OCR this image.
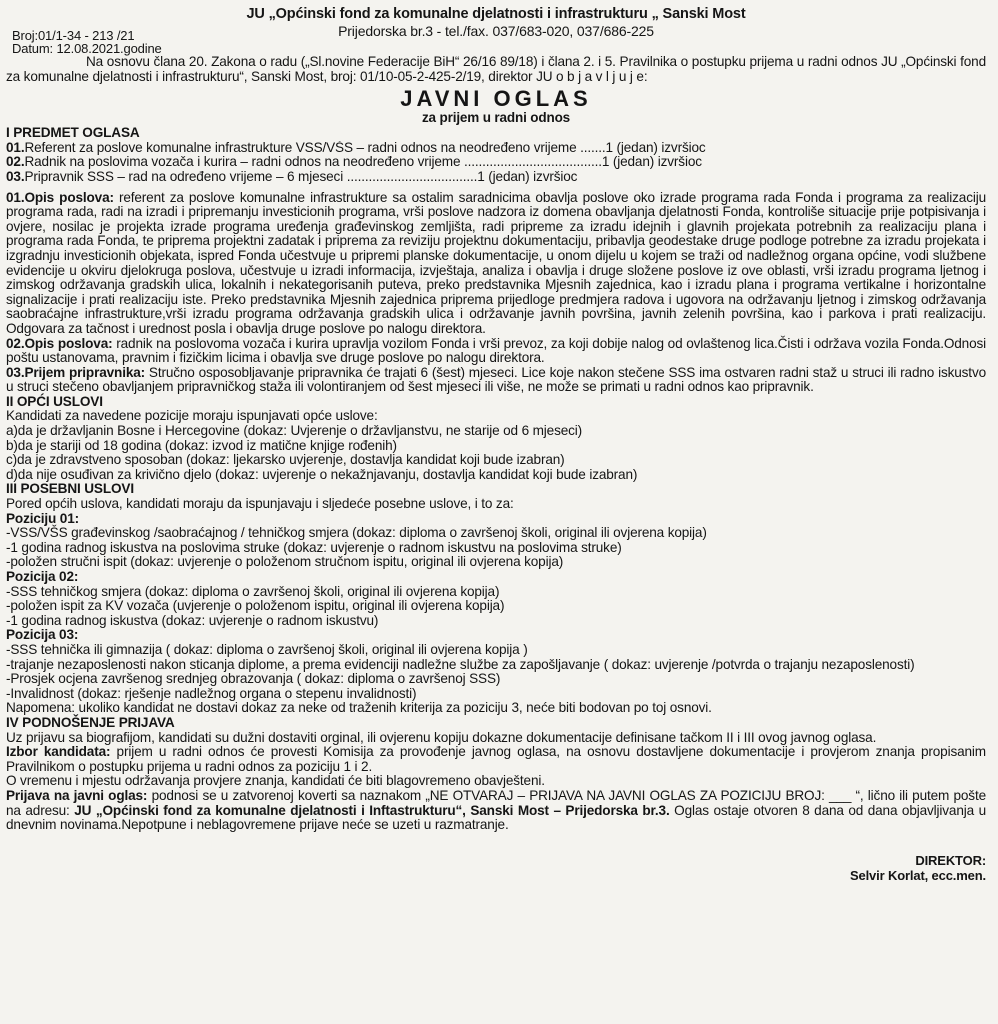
JU „Općinski fond za komunalne djelatnosti i infrastrukturu „ Sanski Most
Prijedorska br.3 - tel./fax. 037/683-020, 037/686-225
Broj:01/1-34 - 213 /21
Datum: 12.08.2021.godine

Na osnovu člana 20. Zakona o radu („Sl.novine Federacije BiH“ 26/16 89/18) i člana 2. i 5. Pravilnika o postupku prijema u radni odnos JU „Općinski fond za komunalne djelatnosti i infrastrukturu“, Sanski Most, broj: 01/10-05-2-425-2/19, direktor JU o b j a v l j u j e:

JAVNI OGLAS
za prijem u radni odnos
I PREDMET OGLASA
01.Referent za poslove komunalne infrastrukture VSS/VŠS – radni odnos na neodređeno vrijeme .......1 (jedan) izvršioc
02.Radnik na poslovima vozača i kurira – radni odnos na neodređeno vrijeme ......................................1 (jedan) izvršioc
03.Pripravnik SSS – rad na određeno vrijeme – 6 mjeseci ....................................1 (jedan) izvršioc

01.Opis poslova: referent za poslove komunalne infrastrukture sa ostalim saradnicima obavlja poslove oko izrade programa rada Fonda i programa za realizaciju programa rada, radi na izradi i pripremanju investicionih programa, vrši poslove nadzora iz domena obavljanja djelatnosti Fonda, kontroliše situacije prije potpisivanja i ovjere, nosilac je projekta izrade programa uređenja građevinskog zemljišta, radi pripreme za izradu idejnih i glavnih projekata potrebnih za realizaciju plana i programa rada Fonda, te priprema projektni zadatak i priprema za reviziju projektnu dokumentaciju, pribavlja geodestake druge podloge potrebne za izradu projekata i izgradnju investicionih objekata, ispred Fonda učestvuje u pripremi planske dokumentacije, u onom dijelu u kojem se traži od nadležnog organa općine, vodi službene evidencije u okviru djelokruga poslova, učestvuje u izradi informacija, izvještaja, analiza i obavlja i druge složene poslove iz ove oblasti, vrši izradu programa ljetnog i zimskog održavanja gradskih ulica, lokalnih i nekategorisanih puteva, preko predstavnika Mjesnih zajednica, kao i izradu plana i programa vertikalne i horizontalne signalizacije i prati realizaciju iste. Preko predstavnika Mjesnih zajednica priprema prijedloge predmjera radova i ugovora na održavanju ljetnog i zimskog održavanja saobraćajne infrastrukture,vrši izradu programa održavanja gradskih ulica i održavanje javnih površina, javnih zelenih površina, kao i parkova i prati realizaciju. Odgovara za tačnost i urednost posla i obavlja druge poslove po nalogu direktora.

02.Opis poslova: radnik na poslovoma vozača i kurira upravlja vozilom Fonda i vrši prevoz, za koji dobije nalog od ovlaštenog lica.Čisti i održava vozila Fonda.Odnosi poštu ustanovama, pravnim i fizičkim licima i obavlja sve druge poslove po nalogu direktora.

03.Prijem pripravnika: Stručno osposobljavanje pripravnika će trajati 6 (šest) mjeseci. Lice koje nakon stečene SSS ima ostvaren radni staž u struci ili radno iskustvo u struci stečeno obavljanjem pripravničkog staža ili volontiranjem od šest mjeseci ili više, ne može se primati u radni odnos kao pripravnik.

II OPĆI USLOVI
Kandidati za navedene pozicije moraju ispunjavati opće uslove:
a)da je državljanin Bosne i Hercegovine (dokaz: Uvjerenje o državljanstvu, ne starije od 6 mjeseci)
b)da je stariji od 18 godina (dokaz: izvod iz matične knjige rođenih)
c)da je zdravstveno sposoban (dokaz: ljekarsko uvjerenje, dostavlja kandidat koji bude izabran)
d)da nije osuđivan za krivično djelo (dokaz: uvjerenje o nekažnjavanju, dostavlja kandidat koji bude izabran)
III POSEBNI USLOVI
Pored općih uslova, kandidati moraju da ispunjavaju i sljedeće posebne uslove, i to za:
Poziciju 01:
-VSS/VŠS građevinskog /saobraćajnog / tehničkog smjera (dokaz: diploma o završenoj školi, original ili ovjerena kopija)
-1 godina radnog iskustva na poslovima struke (dokaz: uvjerenje o radnom iskustvu na poslovima struke)
-položen stručni ispit (dokaz: uvjerenje o položenom stručnom ispitu, original ili ovjerena kopija)
Pozicija 02:
-SSS tehničkog smjera (dokaz: diploma o završenoj školi, original ili ovjerena kopija)
-položen ispit za KV vozača (uvjerenje o položenom ispitu, original ili ovjerena kopija)
-1 godina radnog iskustva (dokaz: uvjerenje o radnom iskustvu)
Pozicija 03:
-SSS tehnička ili gimnazija ( dokaz: diploma o završenoj školi, original ili ovjerena kopija )

-trajanje nezaposlenosti nakon sticanja diplome, a prema evidenciji nadležne službe za zapošljavanje ( dokaz: uvjerenje /potvrda o trajanju nezaposlenosti)

-Prosjek ocjena završenog srednjeg obrazovanja ( dokaz: diploma o završenoj SSS)
-Invalidnost (dokaz: rješenje nadležnog organa o stepenu invalidnosti)
Napomena: ukoliko kandidat ne dostavi dokaz za neke od traženih kriterija za poziciju 3, neće biti bodovan po toj osnovi.
IV PODNOŠENJE PRIJAVA

Uz prijavu sa biografijom, kandidati su dužni dostaviti orginal, ili ovjerenu kopiju dokazne dokumentacije definisane tačkom II i III ovog javnog oglasa.

Izbor kandidata: prijem u radni odnos će provesti Komisija za provođenje javnog oglasa, na osnovu dostavljene dokumentacije i provjerom znanja propisanim Pravilnikom o postupku prijema u radni odnos za poziciju 1 i 2.

O vremenu i mjestu održavanja provjere znanja, kandidati će biti blagovremeno obavješteni.

Prijava na javni oglas: podnosi se u zatvorenoj koverti sa naznakom „NE OTVARAJ – PRIJAVA NA JAVNI OGLAS ZA POZICIJU BROJ: ___ “, lično ili putem pošte na adresu: JU „Općinski fond za komunalne djelatnosti i Inftastrukturu“, Sanski Most – Prijedorska br.3. Oglas ostaje otvoren 8 dana od dana objavljivanja u dnevnim novinama.Nepotpune i neblagovremene prijave neće se uzeti u razmatranje.

DIREKTOR:
Selvir Korlat, ecc.men.
